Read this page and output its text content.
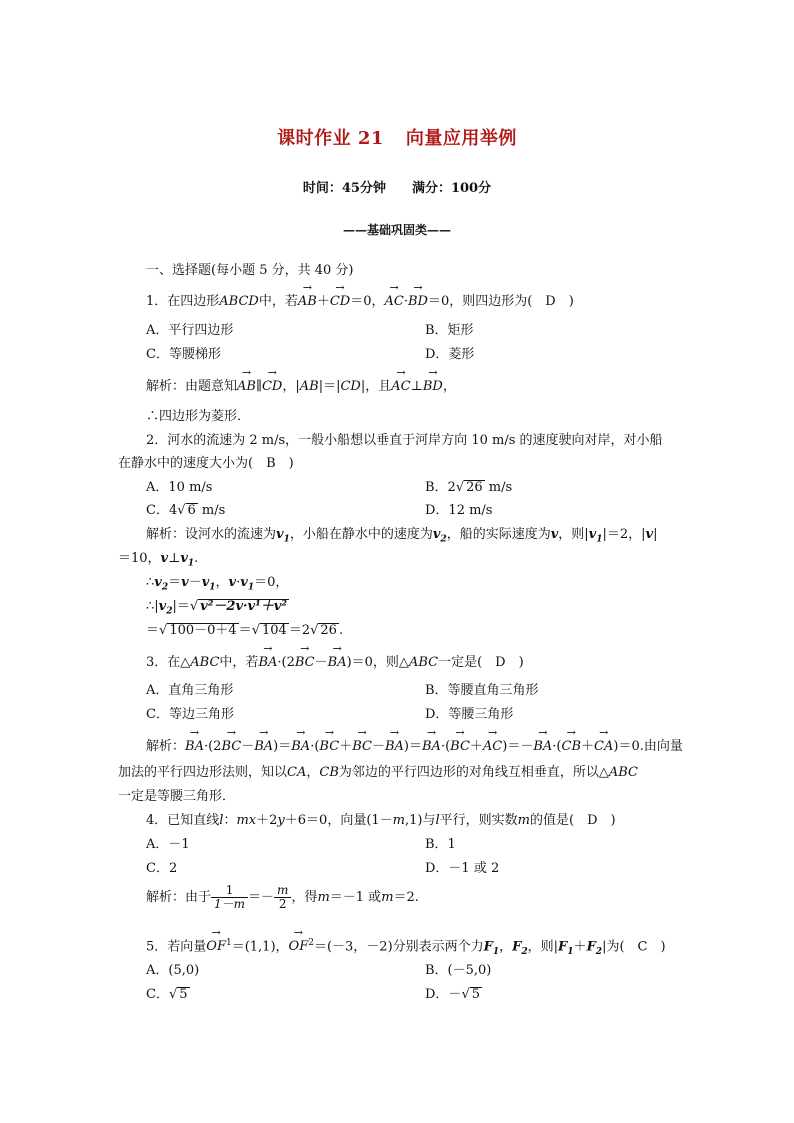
课时作业 21 向量应用举例
时间：45分钟 满分：100分
——基础巩固类——
一、选择题(每小题 5 分，共 40 分)
1．在四边形ABCD中，若→ AB＋→ CD＝0，→ AC·→ BD＝0，则四边形为(　D　)
A．平行四边形	B．矩形
C．等腰梯形	D．菱形
解析：由题意知→ AB∥→ CD，|AB|＝|CD|，且→ AC⊥→ BD，
∴四边形为菱形．
2．河水的流速为 2 m/s，一般小船想以垂直于河岸方向 10 m/s 的速度驶向对岸，对小船
在静水中的速度大小为(　B　)
A．10 m/s	B．2√ 26 m/s
C．4√ 6 m/s	D．12 m/s
解析：设河水的流速为$v_1$，小船在静水中的速度为$v_2$，船的实际速度为v，则$|v_1|=2$，|v|
＝10，$v\perp v_1$.
$\therefore v_2=v-v_1$，$v\cdot v_1=0$，
$\therefore|v_2|=√$ v²－2v·v¹＋v²
＝√ 100－0＋4 ＝√ 104 ＝2√ 26 .
3．在△ABC中，若→ BA·(2→ BC－→ BA)＝0，则△ABC一定是(　D　)
A．直角三角形	B．等腰直角三角形
C．等边三角形	D．等腰三角形
解析：→ BA·(2→ BC－→ BA)＝→ BA·(→ BC＋→ BC－→ BA)＝→ BA·(→ BC＋→ AC)＝－→ BA·(→ CB＋→ CA)＝0.由向量
加法的平行四边形法则，知以CA，CB为邻边的平行四边形的对角线互相垂直，所以△ABC
一定是等腰三角形．
4．已知直线l：mx＋2y＋6＝0，向量(1－m,1)与l平行，则实数m的值是(　D　)
A．－1	B．1
C．2	D．－1 或 2
解析：由于 $\frac{1}{1-m} =- \frac{m}{2}$ ，得m＝－1 或m＝2.
5．若向量→ $OF^1=(1,1)$，→ $OF^2=(-3$，－2)分别表示两个力$F_1$，$F_2$，则$|F_1+F_2|$为(　C　)
A．(5,0)	B．(－5,0)
C．√ 5	D．－√ 5
